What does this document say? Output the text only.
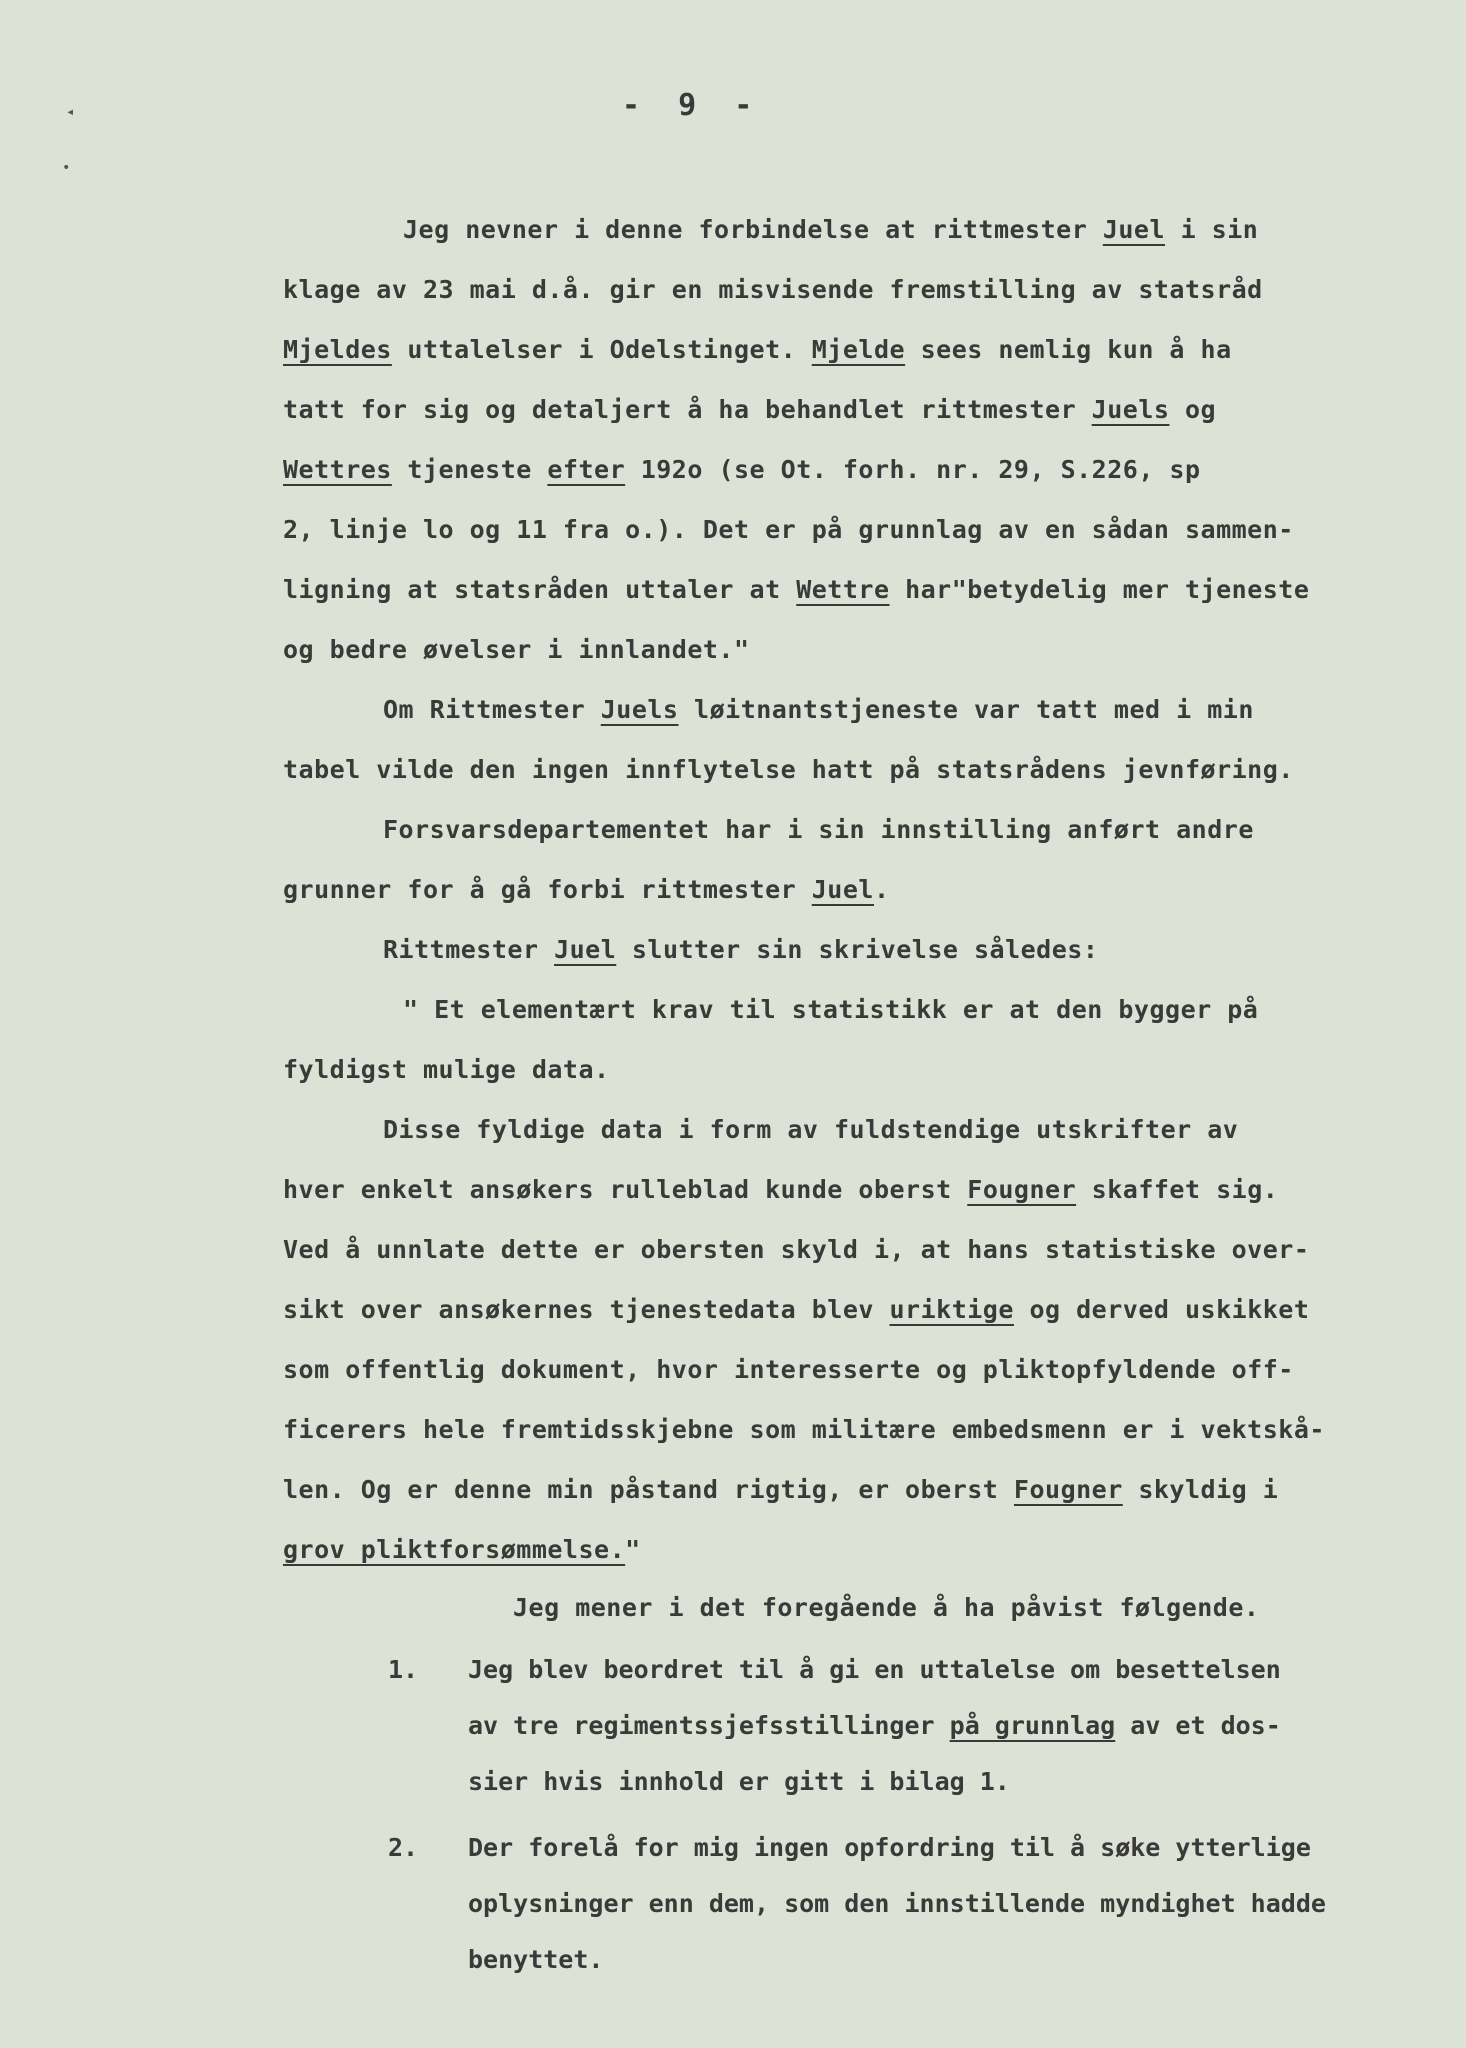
◂
•
- 9 -
Jeg nevner i denne forbindelse at rittmester Juel i sin
klage av 23 mai d.å. gir en misvisende fremstilling av statsråd
Mjeldes uttalelser i Odelstinget. Mjelde sees nemlig kun å ha
tatt for sig og detaljert å ha behandlet rittmester Juels og
Wettres tjeneste efter 192o (se Ot. forh. nr. 29, S.226, sp
2, linje lo og 11 fra o.). Det er på grunnlag av en sådan sammen-
ligning at statsråden uttaler at Wettre har"betydelig mer tjeneste
og bedre øvelser i innlandet."
Om Rittmester Juels løitnantstjeneste var tatt med i min
tabel vilde den ingen innflytelse hatt på statsrådens jevnføring.
Forsvarsdepartementet har i sin innstilling anført andre
grunner for å gå forbi rittmester Juel.
Rittmester Juel slutter sin skrivelse således:
" Et elementært krav til statistikk er at den bygger på
fyldigst mulige data.
Disse fyldige data i form av fuldstendige utskrifter av
hver enkelt ansøkers rulleblad kunde oberst Fougner skaffet sig.
Ved å unnlate dette er obersten skyld i, at hans statistiske over-
sikt over ansøkernes tjenestedata blev uriktige og derved uskikket
som offentlig dokument, hvor interesserte og pliktopfyldende off-
ficerers hele fremtidsskjebne som militære embedsmenn er i vektskå-
len. Og er denne min påstand rigtig, er oberst Fougner skyldig i
grov pliktforsømmelse."
Jeg mener i det foregående å ha påvist følgende.
1.	Jeg blev beordret til å gi en uttalelse om besettelsen
av tre regimentssjefsstillinger på grunnlag av et dos-
sier hvis innhold er gitt i bilag 1.
2.	Der forelå for mig ingen opfordring til å søke ytterlige
oplysninger enn dem, som den innstillende myndighet hadde
benyttet.
